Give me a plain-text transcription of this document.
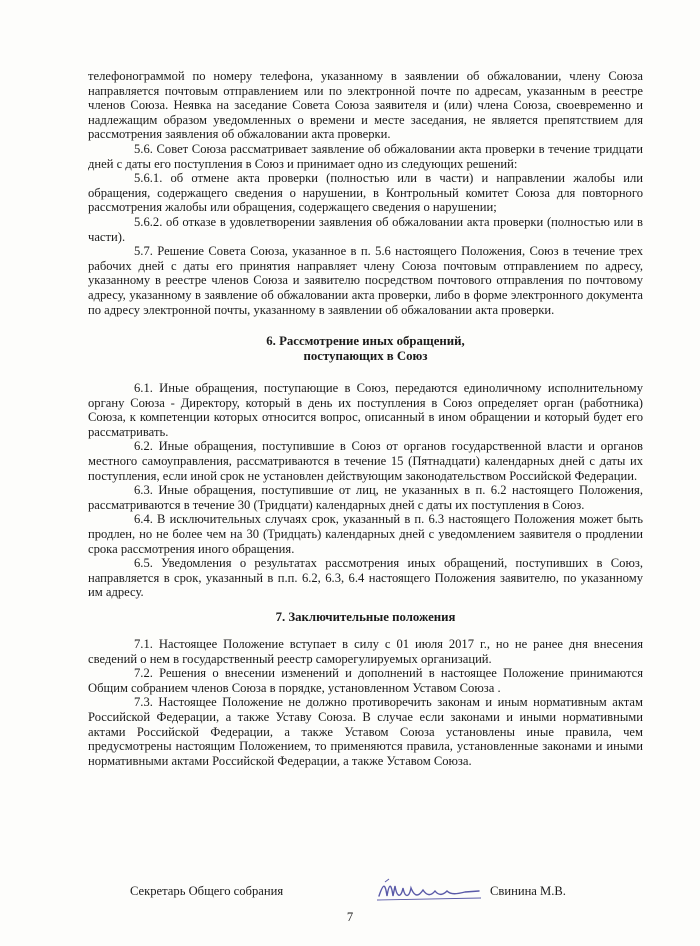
телефонограммой по номеру телефона, указанному в заявлении об обжаловании, члену Союза направляется почтовым отправлением или по электронной почте по адресам, указанным в реестре членов Союза. Неявка на заседание Совета Союза заявителя и (или) члена Союза, своевременно и надлежащим образом уведомленных о времени и месте заседания, не является препятствием для рассмотрения заявления об обжаловании акта проверки.

5.6. Совет Союза рассматривает заявление об обжаловании акта проверки в течение тридцати дней с даты его поступления в Союз и принимает одно из следующих решений:

5.6.1. об отмене акта проверки (полностью или в части) и направлении жалобы или обращения, содержащего сведения о нарушении, в Контрольный комитет Союза для повторного рассмотрения жалобы или обращения, содержащего сведения о нарушении;

5.6.2. об отказе в удовлетворении заявления об обжаловании акта проверки (полностью или в части).

5.7. Решение Совета Союза, указанное в п. 5.6 настоящего Положения, Союз в течение трех рабочих дней с даты его принятия направляет члену Союза почтовым отправлением по адресу, указанному в реестре членов Союза и заявителю посредством почтового отправления по почтовому адресу, указанному в заявление об обжаловании акта проверки, либо в форме электронного документа по адресу электронной почты, указанному в заявлении об обжаловании акта проверки.

6. Рассмотрение иных обращений,
поступающих в Союз

6.1. Иные обращения, поступающие в Союз, передаются единоличному исполнительному органу Союза - Директору, который в день их поступления в Союз определяет орган (работника) Союза, к компетенции которых относится вопрос, описанный в ином обращении и который будет его рассматривать.

6.2. Иные обращения, поступившие в Союз от органов государственной власти и органов местного самоуправления, рассматриваются в течение 15 (Пятнадцати) календарных дней с даты их поступления, если иной срок не установлен действующим законодательством Российской Федерации.

6.3. Иные обращения, поступившие от лиц, не указанных в п. 6.2 настоящего Положения, рассматриваются в течение 30 (Тридцати) календарных дней с даты их поступления в Союз.

6.4. В исключительных случаях срок, указанный в п. 6.3 настоящего Положения может быть продлен, но не более чем на 30 (Тридцать) календарных дней с уведомлением заявителя о продлении срока рассмотрения иного обращения.

6.5. Уведомления о результатах рассмотрения иных обращений, поступивших в Союз, направляется в срок, указанный в п.п. 6.2, 6.3, 6.4 настоящего Положения заявителю, по указанному им адресу.

7. Заключительные положения

7.1. Настоящее Положение вступает в силу с 01 июля 2017 г., но не ранее дня внесения сведений о нем в государственный реестр саморегулируемых организаций.

7.2. Решения о внесении изменений и дополнений в настоящее Положение принимаются Общим собранием членов Союза в порядке, установленном Уставом Союза .

7.3. Настоящее Положение не должно противоречить законам и иным нормативным актам Российской Федерации, а также Уставу Союза. В случае если законами и иными нормативными актами Российской Федерации, а также Уставом Союза установлены иные правила, чем предусмотрены настоящим Положением, то применяются правила, установленные законами и иными нормативными актами Российской Федерации, а также Уставом Союза.

Секретарь Общего собрания	Свинина М.В.
7
